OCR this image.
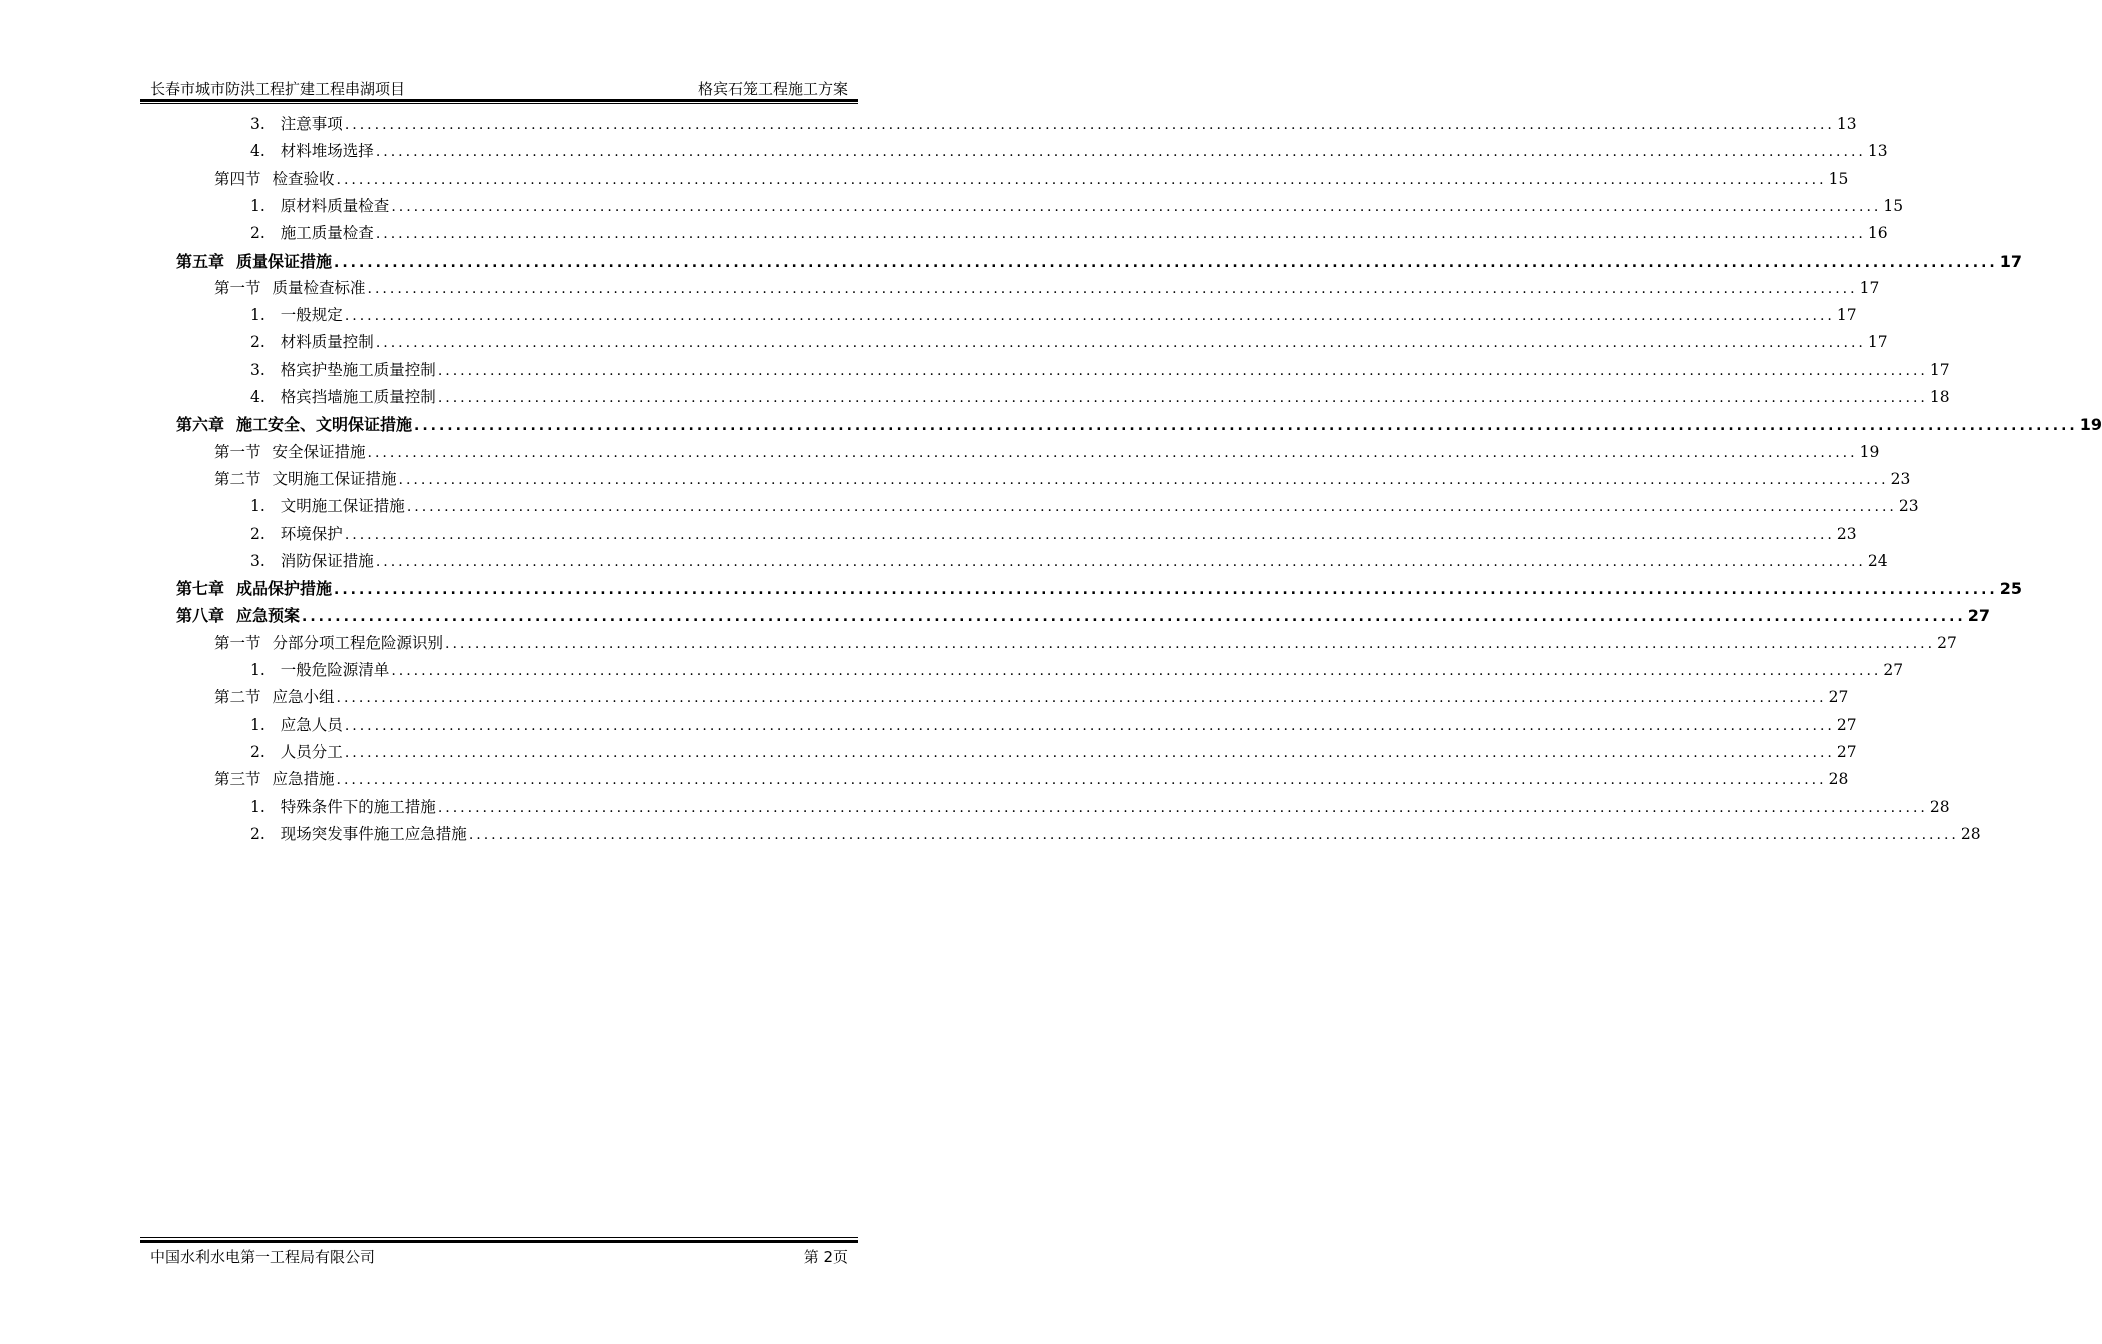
长春市城市防洪工程扩建工程串湖项目	格宾石笼工程施工方案
3. 注意事项 ........................................................................................................................................................................................................ 13
4. 材料堆场选择 ........................................................................................................................................................................................................ 13
第四节 检查验收 ........................................................................................................................................................................................................ 15
1. 原材料质量检查 ........................................................................................................................................................................................................ 15
2. 施工质量检查 ........................................................................................................................................................................................................ 16
第五章 质量保证措施 ........................................................................................................................................................................................................ 17
第一节 质量检查标准 ........................................................................................................................................................................................................ 17
1. 一般规定 ........................................................................................................................................................................................................ 17
2. 材料质量控制 ........................................................................................................................................................................................................ 17
3. 格宾护垫施工质量控制 ........................................................................................................................................................................................................ 17
4. 格宾挡墙施工质量控制 ........................................................................................................................................................................................................ 18
第六章 施工安全、文明保证措施 ........................................................................................................................................................................................................ 19
第一节 安全保证措施 ........................................................................................................................................................................................................ 19
第二节 文明施工保证措施 ........................................................................................................................................................................................................ 23
1. 文明施工保证措施 ........................................................................................................................................................................................................ 23
2. 环境保护 ........................................................................................................................................................................................................ 23
3. 消防保证措施 ........................................................................................................................................................................................................ 24
第七章 成品保护措施 ........................................................................................................................................................................................................ 25
第八章 应急预案 ........................................................................................................................................................................................................ 27
第一节 分部分项工程危险源识别 ........................................................................................................................................................................................................ 27
1. 一般危险源清单 ........................................................................................................................................................................................................ 27
第二节 应急小组 ........................................................................................................................................................................................................ 27
1. 应急人员 ........................................................................................................................................................................................................ 27
2. 人员分工 ........................................................................................................................................................................................................ 27
第三节 应急措施 ........................................................................................................................................................................................................ 28
1. 特殊条件下的施工措施 ........................................................................................................................................................................................................ 28
2. 现场突发事件施工应急措施 ........................................................................................................................................................................................................ 28
中国水利水电第一工程局有限公司	第 2页
